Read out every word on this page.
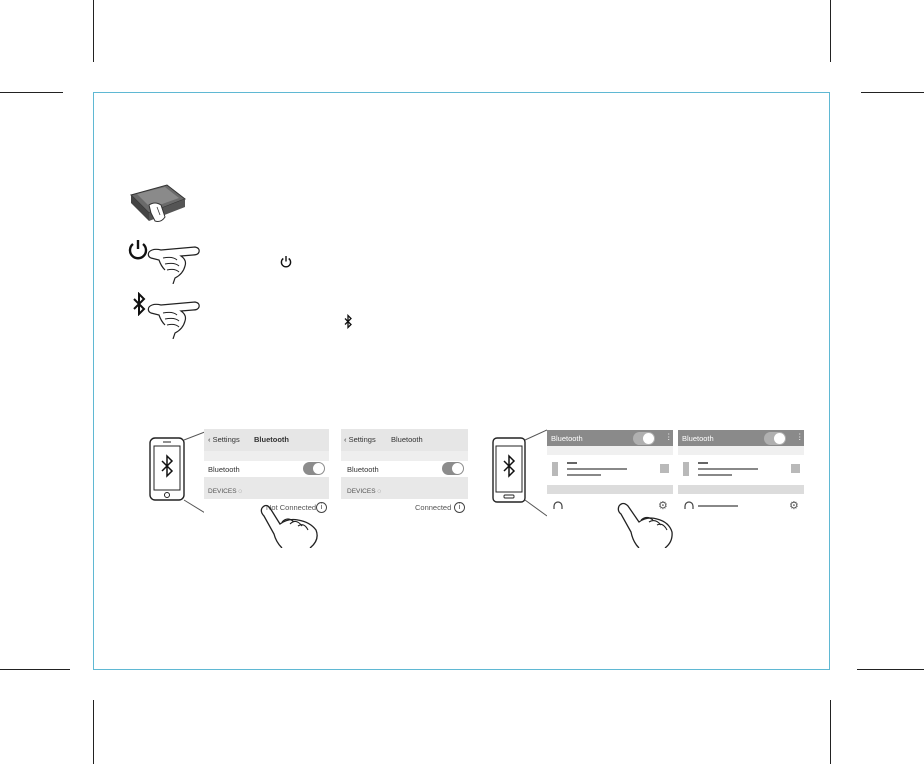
‹ Settings Bluetooth
Bluetooth
DEVICES ◌
Not Connected i
‹ Settings Bluetooth
Bluetooth
DEVICES ◌
Connected	i
Bluetooth	⋮
⚙
Bluetooth	⋮
⚙
